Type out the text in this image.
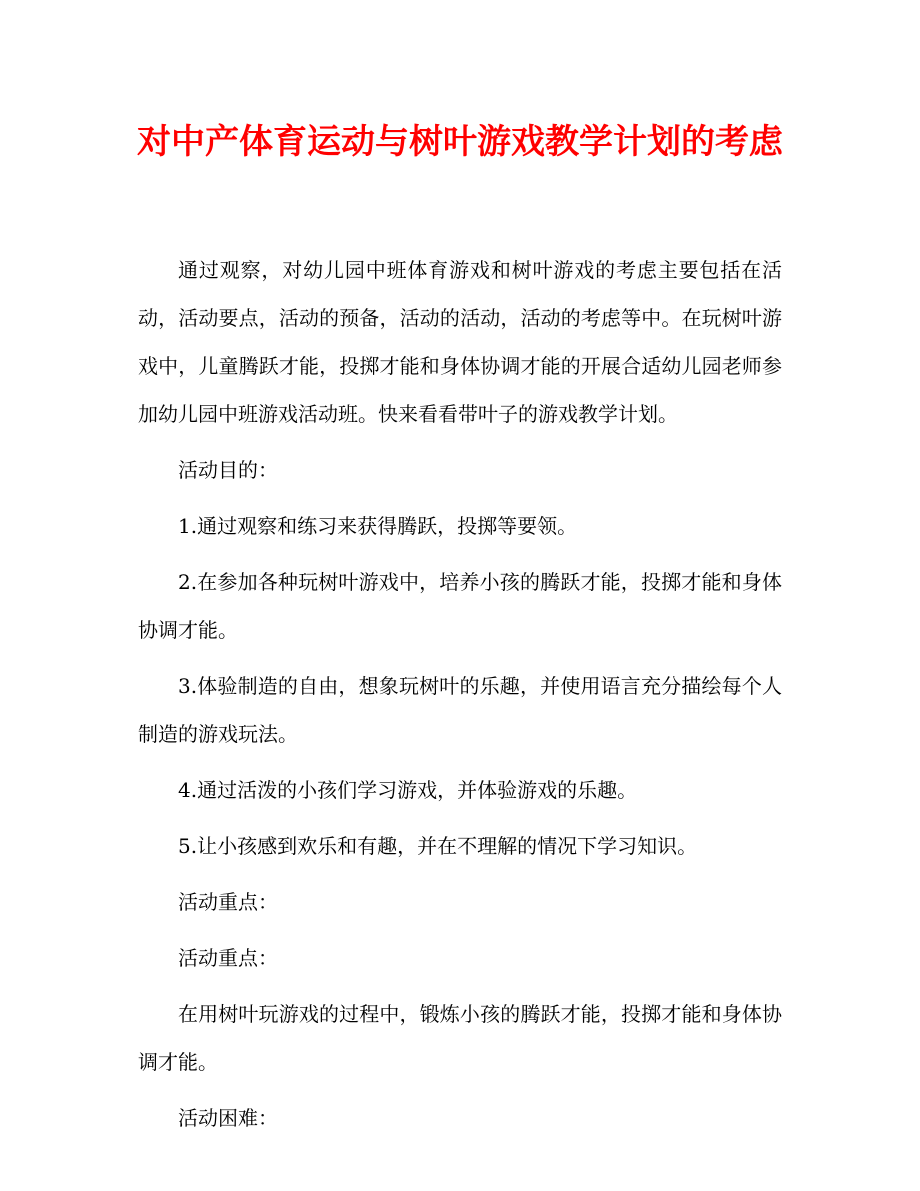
对中产体育运动与树叶游戏教学计划的考虑

通过观察，对幼儿园中班体育游戏和树叶游戏的考虑主要包括在活动，活动要点，活动的预备，活动的活动，活动的考虑等中。在玩树叶游戏中，儿童腾跃才能，投掷才能和身体协调才能的开展合适幼儿园老师参加幼儿园中班游戏活动班。快来看看带叶子的游戏教学计划。

活动目的：

1.通过观察和练习来获得腾跃，投掷等要领。

2.在参加各种玩树叶游戏中，培养小孩的腾跃才能，投掷才能和身体协调才能。

3.体验制造的自由，想象玩树叶的乐趣，并使用语言充分描绘每个人制造的游戏玩法。

4.通过活泼的小孩们学习游戏，并体验游戏的乐趣。

5.让小孩感到欢乐和有趣，并在不理解的情况下学习知识。

活动重点：

活动重点：

在用树叶玩游戏的过程中，锻炼小孩的腾跃才能，投掷才能和身体协调才能。

活动困难：
